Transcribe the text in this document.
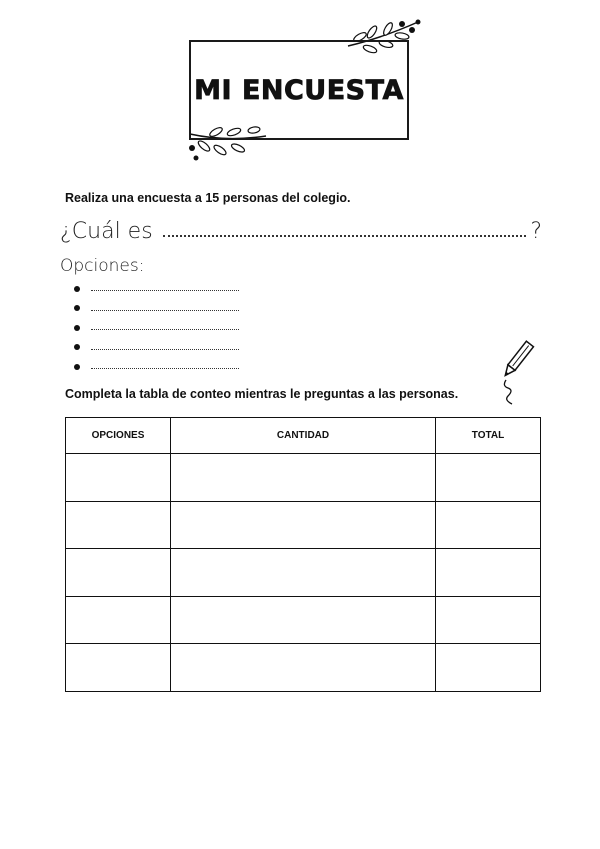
MI ENCUESTA
Realiza una encuesta a 15 personas del colegio.
¿Cuál es	?
Opciones:
Completa la tabla de conteo mientras le preguntas a las personas.
OPCIONES	CANTIDAD	TOTAL
